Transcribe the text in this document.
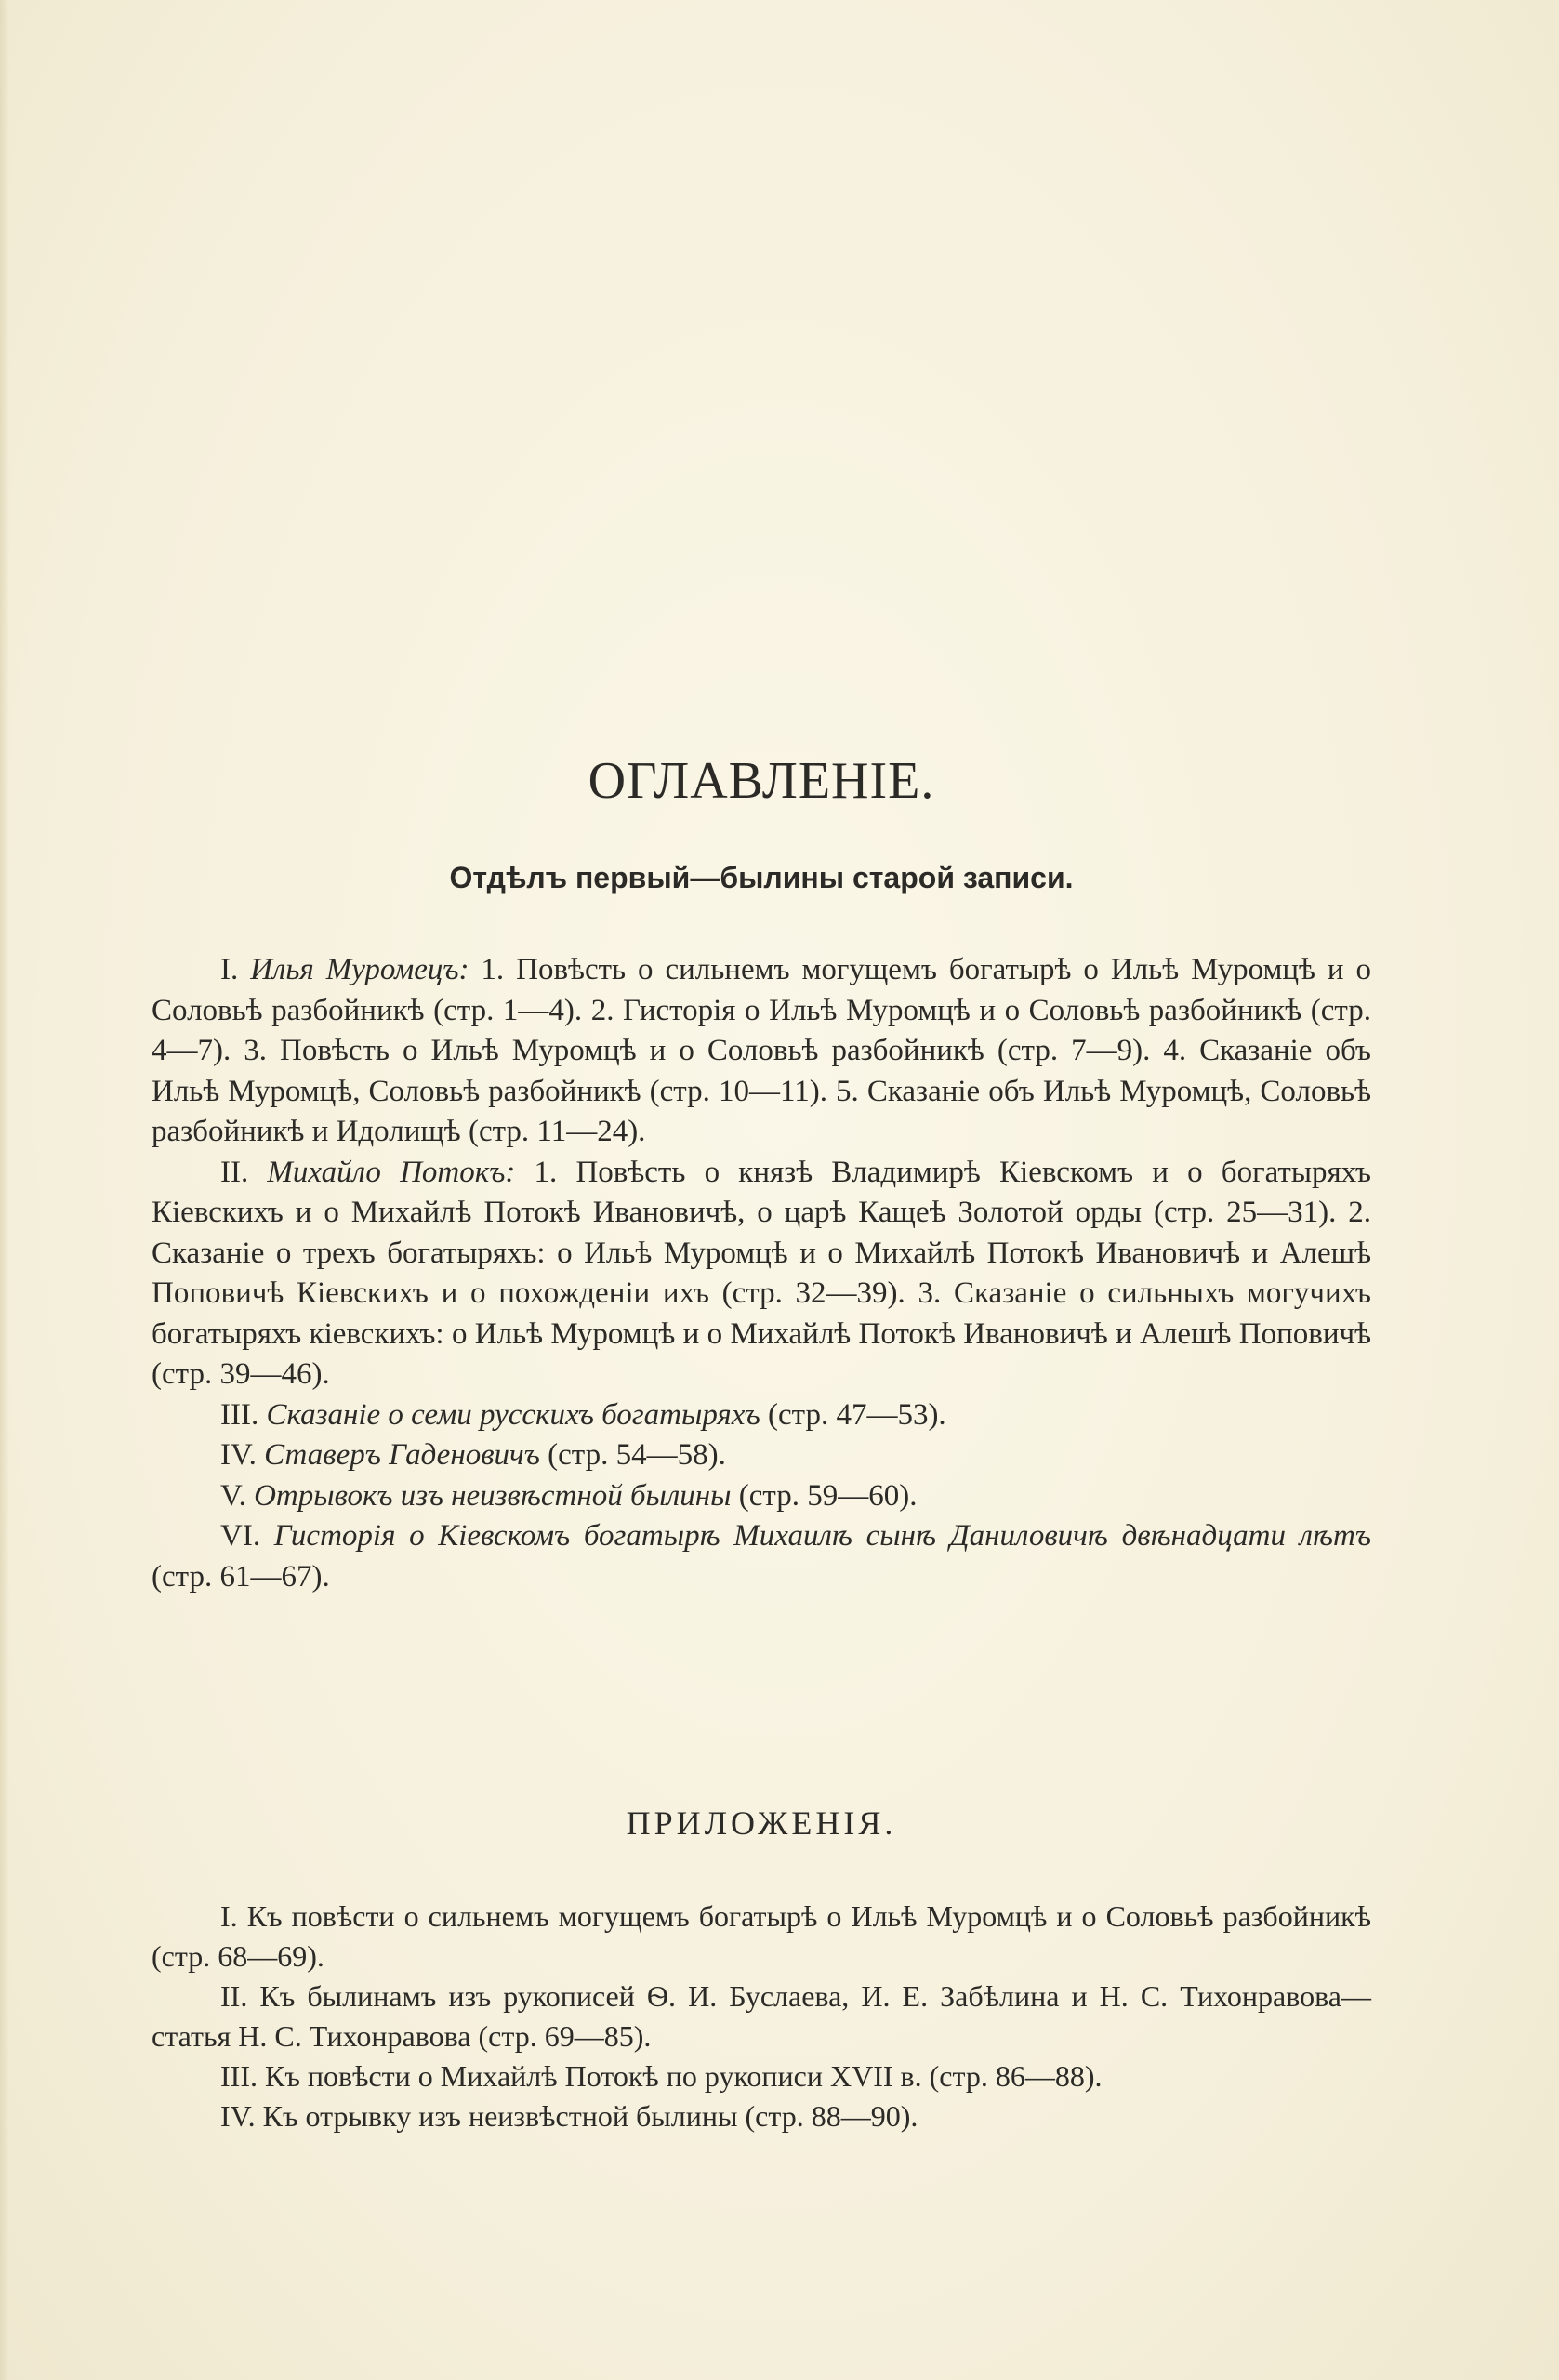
ОГЛАВЛЕНIЕ.
Отдѣлъ первый—былины старой записи.

I. Илья Муромецъ: 1. Повѣсть о сильнемъ могущемъ богатырѣ о Ильѣ Муромцѣ и о Соловьѣ разбойникѣ (стр. 1—4). 2. Гисторія о Ильѣ Муромцѣ и о Соловьѣ разбойникѣ (стр. 4—7). 3. Повѣсть о Ильѣ Муромцѣ и о Соловьѣ разбойникѣ (стр. 7—9). 4. Сказаніе объ Ильѣ Муромцѣ, Соловьѣ разбойникѣ (стр. 10—11). 5. Сказаніе объ Ильѣ Муромцѣ, Соловьѣ разбойникѣ и Идолищѣ (стр. 11—24).

II. Михайло Потокъ: 1. Повѣсть о князѣ Владимирѣ Кіевскомъ и о богатыряхъ Кіевскихъ и о Михайлѣ Потокѣ Ивановичѣ, о царѣ Кащеѣ Золотой орды (стр. 25—31). 2. Сказаніе о трехъ богатыряхъ: о Ильѣ Муромцѣ и о Михайлѣ Потокѣ Ивановичѣ и Алешѣ Поповичѣ Кіевскихъ и о похожденіи ихъ (стр. 32—39). 3. Сказаніе о сильныхъ могучихъ богатыряхъ кіевскихъ: о Ильѣ Муромцѣ и о Михайлѣ Потокѣ Ивановичѣ и Алешѣ Поповичѣ (стр. 39—46).

III. Сказаніе о семи русскихъ богатыряхъ (стр. 47—53).

IV. Ставеръ Гаденовичъ (стр. 54—58).

V. Отрывокъ изъ неизвѣстной былины (стр. 59—60).

VI. Гисторія о Кіевскомъ богатырѣ Михаилѣ сынѣ Даниловичѣ двѣнадцати лѣтъ (стр. 61—67).

ПРИЛОЖЕНIЯ.

I. Къ повѣсти о сильнемъ могущемъ богатырѣ о Ильѣ Муромцѣ и о Соловьѣ разбойникѣ (стр. 68—69).

II. Къ былинамъ изъ рукописей Ѳ. И. Буслаева, И. Е. Забѣлина и Н. С. Тихонравова—статья Н. С. Тихонравова (стр. 69—85).

III. Къ повѣсти о Михайлѣ Потокѣ по рукописи XVII в. (стр. 86—88).

IV. Къ отрывку изъ неизвѣстной былины (стр. 88—90).
